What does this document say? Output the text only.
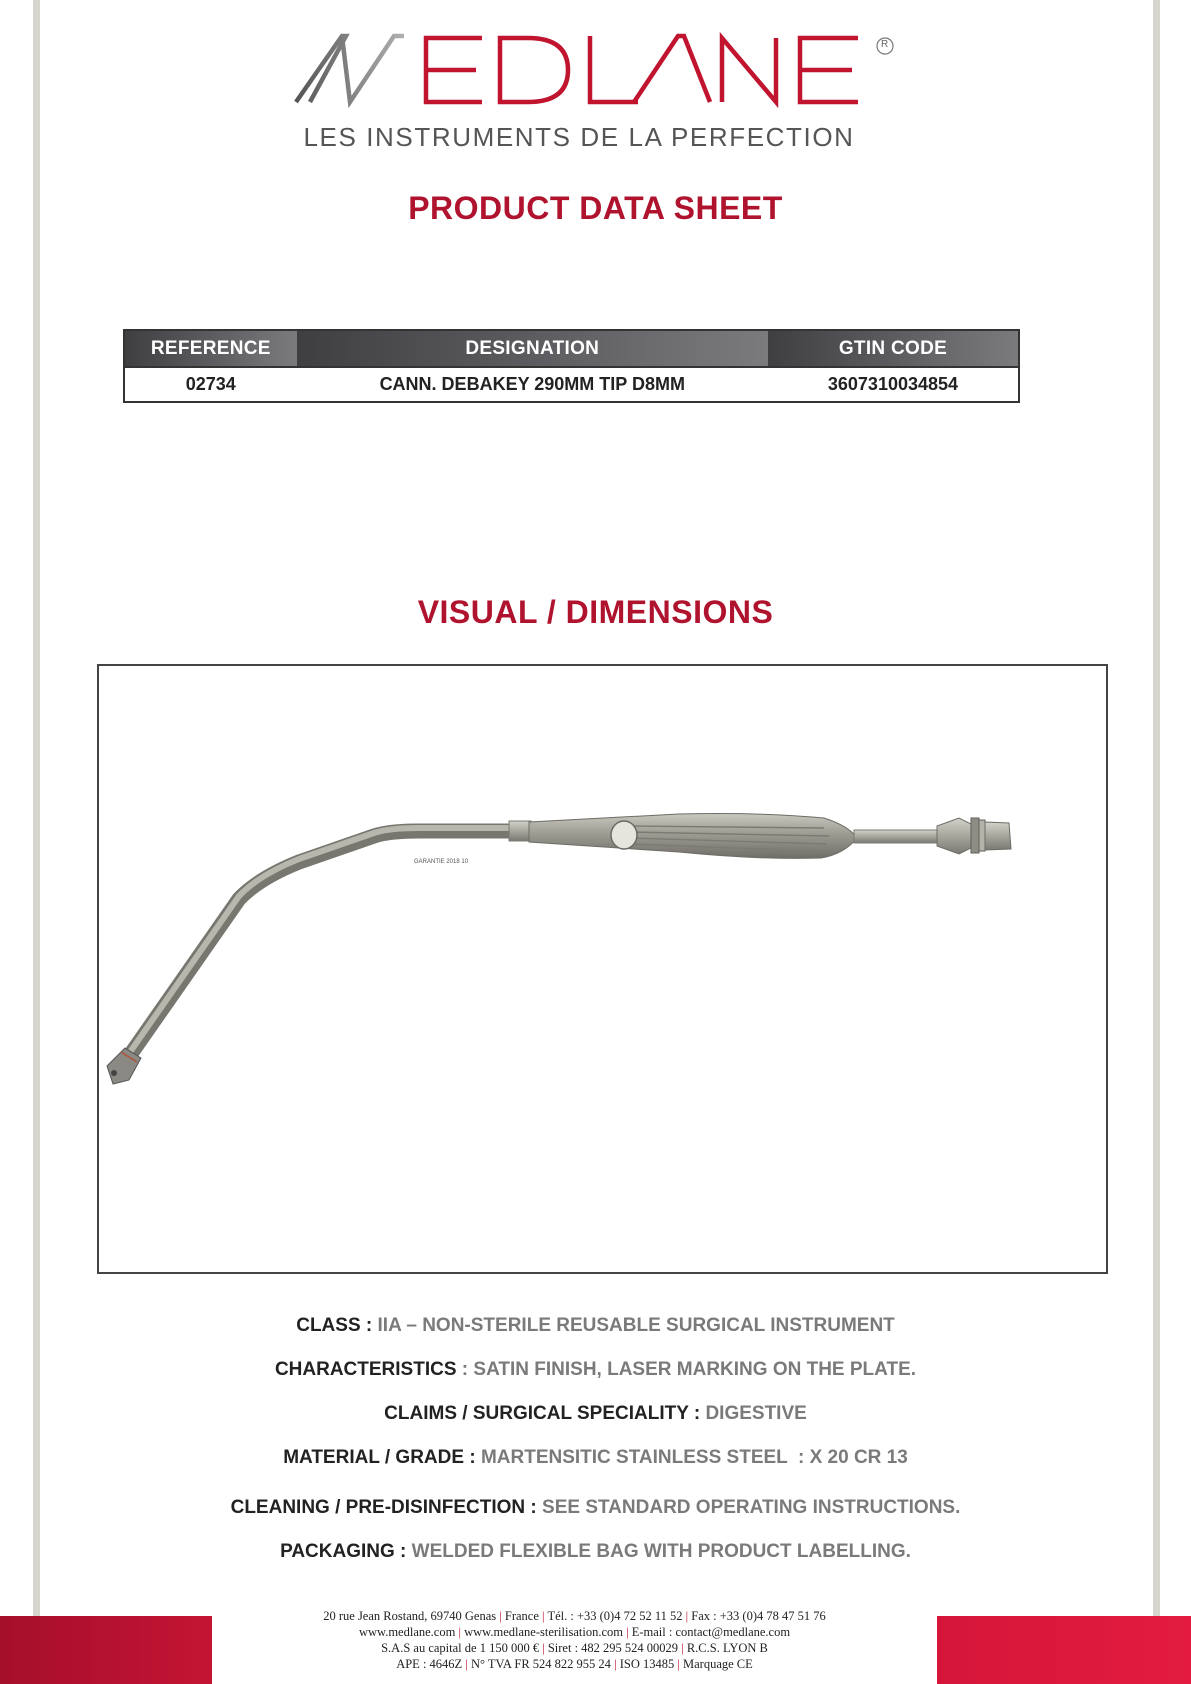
R
LES INSTRUMENTS DE LA PERFECTION
PRODUCT DATA SHEET
REFERENCE	DESIGNATION	GTIN CODE
02734	CANN. DEBAKEY 290MM TIP D8MM	3607310034854
VISUAL / DIMENSIONS
GARANTIE 2018 10
CLASS : IIA – NON-STERILE REUSABLE SURGICAL INSTRUMENT
CHARACTERISTICS : SATIN FINISH, LASER MARKING ON THE PLATE.
CLAIMS / SURGICAL SPECIALITY : DIGESTIVE
MATERIAL / GRADE : MARTENSITIC STAINLESS STEEL  : X 20 CR 13
CLEANING / PRE-DISINFECTION : SEE STANDARD OPERATING INSTRUCTIONS.
PACKAGING : WELDED FLEXIBLE BAG WITH PRODUCT LABELLING.
20 rue Jean Rostand, 69740 Genas | France | Tél. : +33 (0)4 72 52 11 52 | Fax : +33 (0)4 78 47 51 76
www.medlane.com | www.medlane-sterilisation.com | E-mail : contact@medlane.com
S.A.S au capital de 1 150 000 € | Siret : 482 295 524 00029 | R.C.S. LYON B
APE : 4646Z | N° TVA FR 524 822 955 24 | ISO 13485 | Marquage CE
